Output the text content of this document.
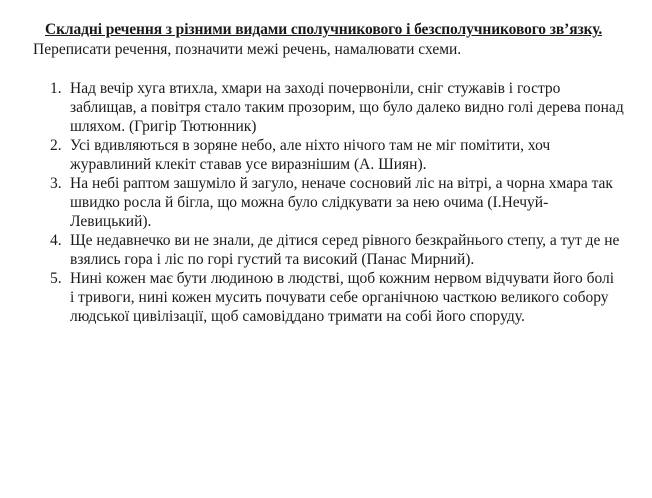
Складні речення з різними видами сполучникового і безсполучникового зв’язку.
Переписати речення, позначити межі речень, намалювати схеми.
1. Над вечір хуга втихла, хмари на заході почервоніли, сніг стужавів і гостро
заблищав, а повітря стало таким прозорим, що було далеко видно голі дерева понад
шляхом. (Григір Тютюнник)
2. Усі вдивляються в зоряне небо, але ніхто нічого там не міг помітити, хоч
журавлиний клекіт ставав усе виразнішим (А. Шиян).
3. На небі раптом зашуміло й загуло, неначе сосновий ліс на вітрі, а чорна хмара так
швидко росла й бігла, що можна було слідкувати за нею очима (І.Нечуй-
Левицький).
4. Ще недавнечко ви не знали, де дітися серед рівного безкрайнього степу, а тут де не
взялись гора і ліс по горі густий та високий (Панас Мирний).
5. Нині кожен має бути людиною в людстві, щоб кожним нервом відчувати його болі
і тривоги, нині кожен мусить почувати себе органічною часткою великого собору
людської цивілізації, щоб самовіддано тримати на собі його споруду.
